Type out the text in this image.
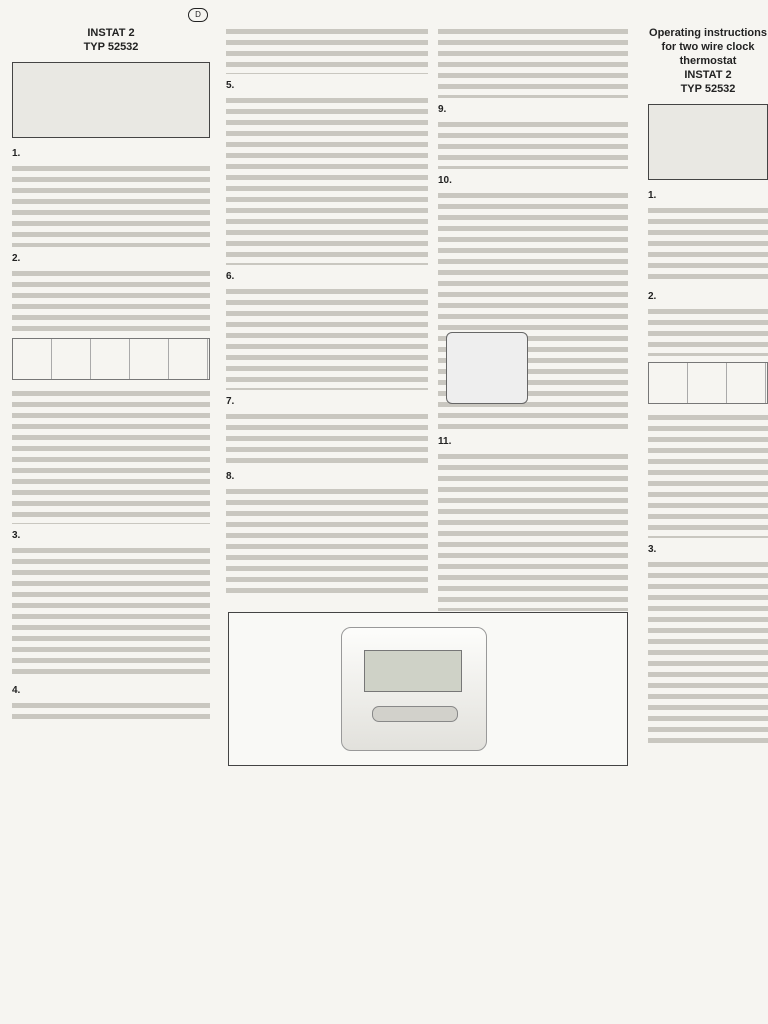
D
INSTAT 2
TYP 52532
1.
2.
3.
4.
5.
6.
7.
8.
9.
10.
11.
Operating instructions
for two wire clock thermostat
INSTAT 2
TYP 52532
1.
2.
3.
